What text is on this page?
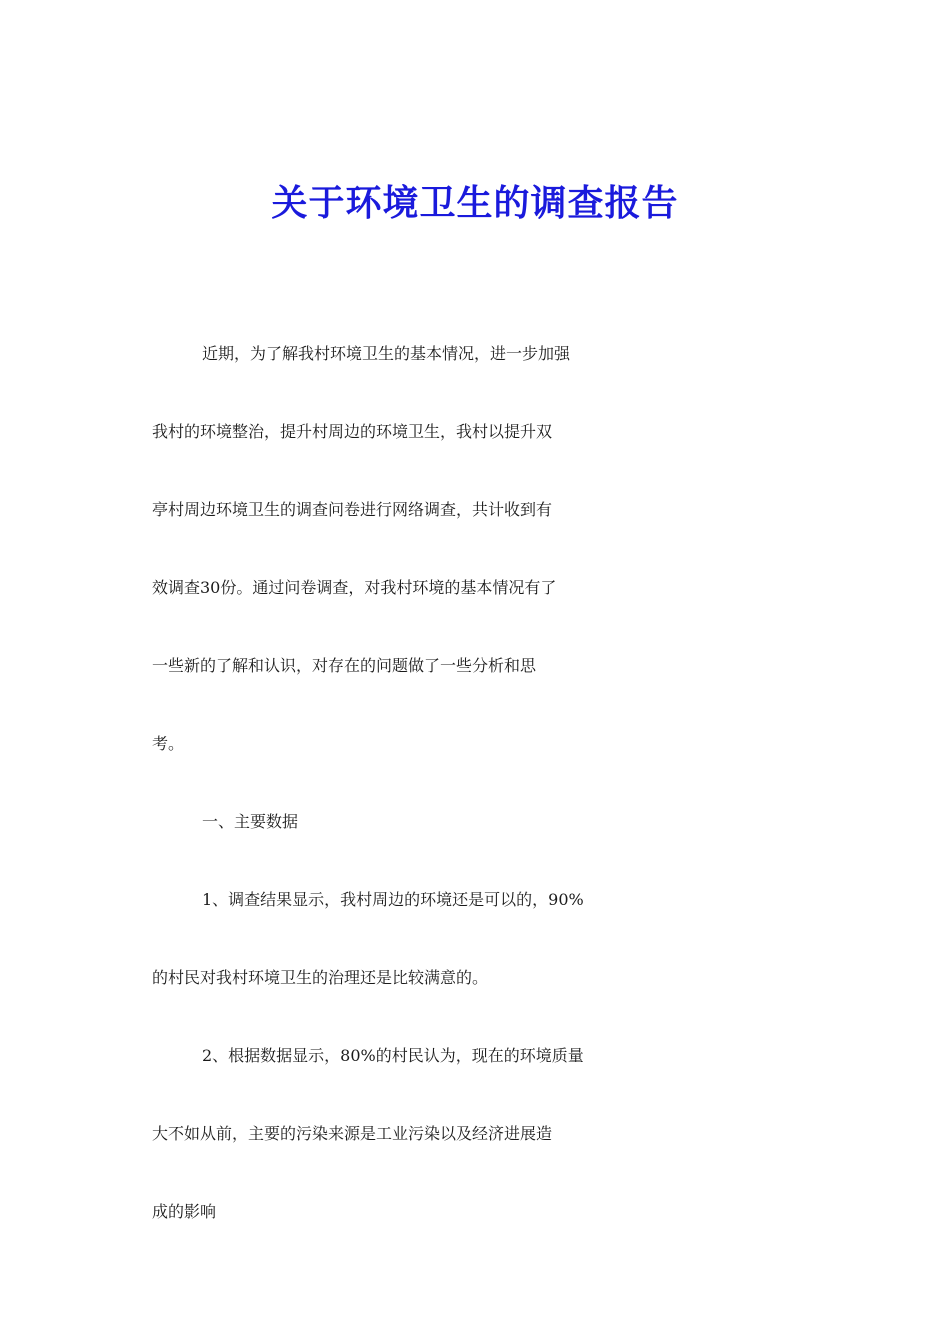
关于环境卫生的调查报告
近期，为了解我村环境卫生的基本情况，进一步加强
我村的环境整治，提升村周边的环境卫生，我村以提升双
亭村周边环境卫生的调查问卷进行网络调查，共计收到有
效调查30份。通过问卷调查，对我村环境的基本情况有了
一些新的了解和认识，对存在的问题做了一些分析和思
考。
一、主要数据
1、调查结果显示，我村周边的环境还是可以的，90%
的村民对我村环境卫生的治理还是比较满意的。
2、根据数据显示，80%的村民认为，现在的环境质量
大不如从前，主要的污染来源是工业污染以及经济进展造
成的影响
